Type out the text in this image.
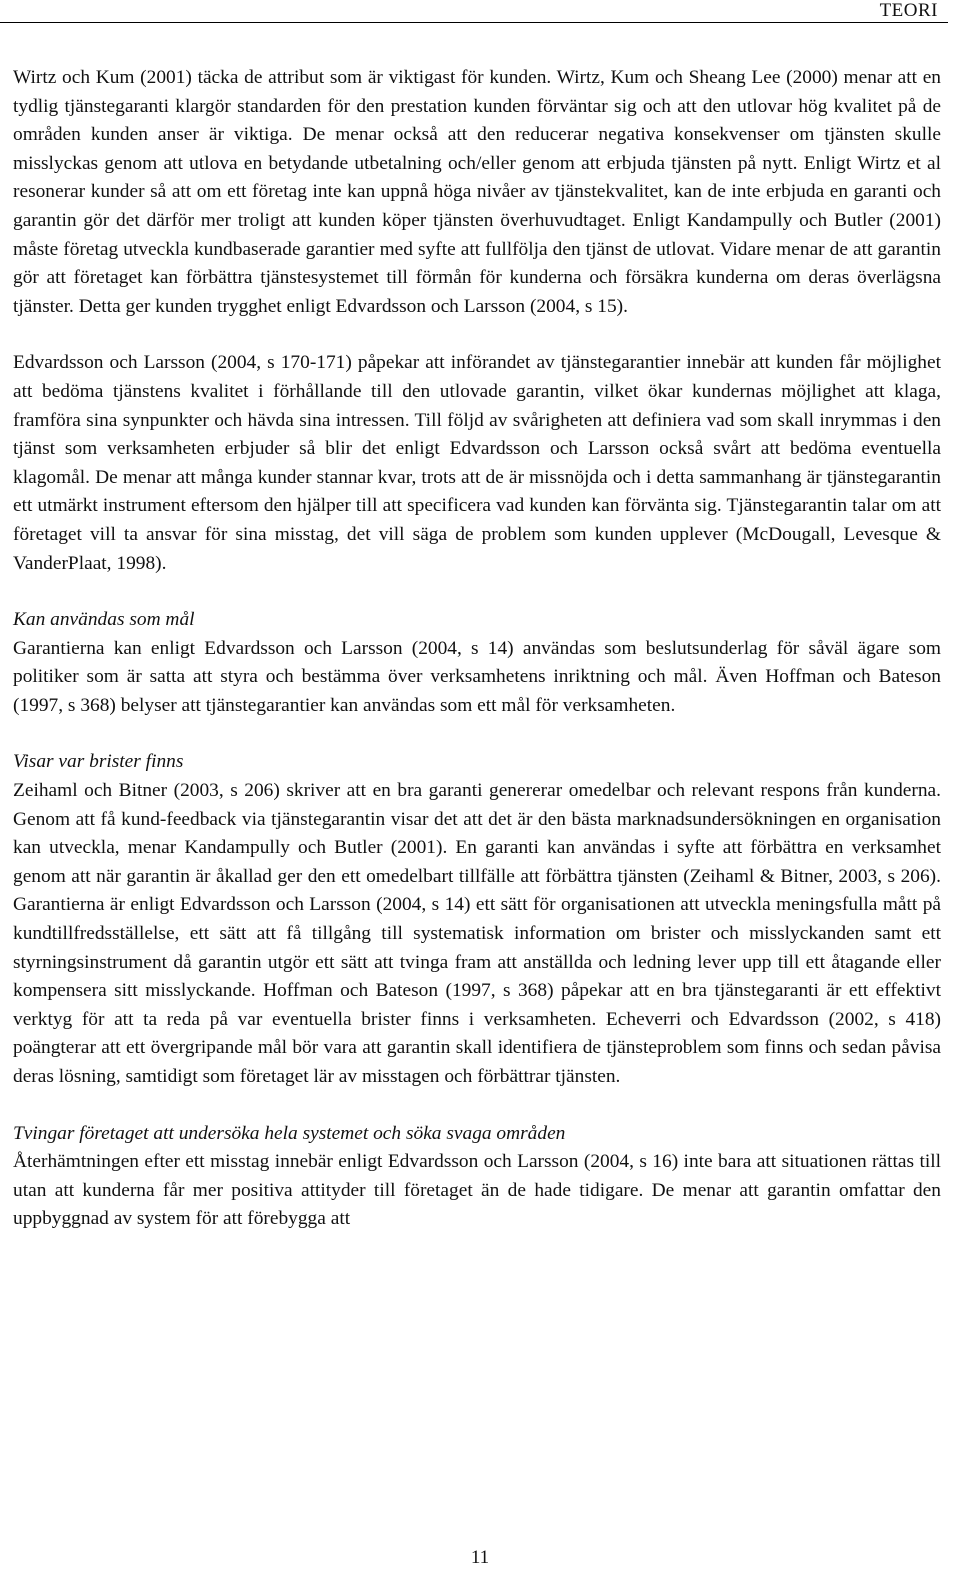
TEORI

Wirtz och Kum (2001) täcka de attribut som är viktigast för kunden. Wirtz, Kum och Sheang Lee (2000) menar att en tydlig tjänstegaranti klargör standarden för den prestation kunden förväntar sig och att den utlovar hög kvalitet på de områden kunden anser är viktiga. De menar också att den reducerar negativa konsekvenser om tjänsten skulle misslyckas genom att utlova en betydande utbetalning och/eller genom att erbjuda tjänsten på nytt. Enligt Wirtz et al resonerar kunder så att om ett företag inte kan uppnå höga nivåer av tjänstekvalitet, kan de inte erbjuda en garanti och garantin gör det därför mer troligt att kunden köper tjänsten överhuvudtaget. Enligt Kandampully och Butler (2001) måste företag utveckla kundbaserade garantier med syfte att fullfölja den tjänst de utlovat. Vidare menar de att garantin gör att företaget kan förbättra tjänstesystemet till förmån för kunderna och försäkra kunderna om deras överlägsna tjänster. Detta ger kunden trygghet enligt Edvardsson och Larsson (2004, s 15).

Edvardsson och Larsson (2004, s 170-171) påpekar att införandet av tjänstegarantier innebär att kunden får möjlighet att bedöma tjänstens kvalitet i förhållande till den utlovade garantin, vilket ökar kundernas möjlighet att klaga, framföra sina synpunkter och hävda sina intressen. Till följd av svårigheten att definiera vad som skall inrymmas i den tjänst som verksamheten erbjuder så blir det enligt Edvardsson och Larsson också svårt att bedöma eventuella klagomål. De menar att många kunder stannar kvar, trots att de är missnöjda och i detta sammanhang är tjänstegarantin ett utmärkt instrument eftersom den hjälper till att specificera vad kunden kan förvänta sig. Tjänstegarantin talar om att företaget vill ta ansvar för sina misstag, det vill säga de problem som kunden upplever (McDougall, Levesque & VanderPlaat, 1998).

Kan användas som mål

Garantierna kan enligt Edvardsson och Larsson (2004, s 14) användas som beslutsunderlag för såväl ägare som politiker som är satta att styra och bestämma över verksamhetens inriktning och mål. Även Hoffman och Bateson (1997, s 368) belyser att tjänstegarantier kan användas som ett mål för verksamheten.

Visar var brister finns

Zeihaml och Bitner (2003, s 206) skriver att en bra garanti genererar omedelbar och relevant respons från kunderna. Genom att få kund-feedback via tjänstegarantin visar det att det är den bästa marknadsundersökningen en organisation kan utveckla, menar Kandampully och Butler (2001). En garanti kan användas i syfte att förbättra en verksamhet genom att när garantin är åkallad ger den ett omedelbart tillfälle att förbättra tjänsten (Zeihaml & Bitner, 2003, s 206). Garantierna är enligt Edvardsson och Larsson (2004, s 14) ett sätt för organisationen att utveckla meningsfulla mått på kundtillfredsställelse, ett sätt att få tillgång till systematisk information om brister och misslyckanden samt ett styrningsinstrument då garantin utgör ett sätt att tvinga fram att anställda och ledning lever upp till ett åtagande eller kompensera sitt misslyckande. Hoffman och Bateson (1997, s 368) påpekar att en bra tjänstegaranti är ett effektivt verktyg för att ta reda på var eventuella brister finns i verksamheten. Echeverri och Edvardsson (2002, s 418) poängterar att ett övergripande mål bör vara att garantin skall identifiera de tjänsteproblem som finns och sedan påvisa deras lösning, samtidigt som företaget lär av misstagen och förbättrar tjänsten.

Tvingar företaget att undersöka hela systemet och söka svaga områden

Återhämtningen efter ett misstag innebär enligt Edvardsson och Larsson (2004, s 16) inte bara att situationen rättas till utan att kunderna får mer positiva attityder till företaget än de hade tidigare. De menar att garantin omfattar den uppbyggnad av system för att förebygga att

11
